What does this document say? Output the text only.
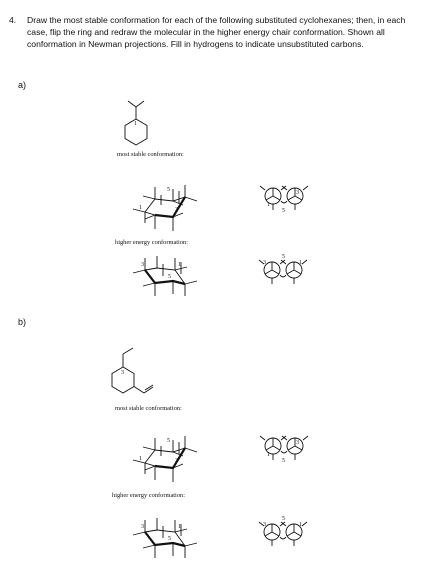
4. Draw the most stable conformation for each of the following substituted cyclohexanes; then, in each case, flip the ring and redraw the molecular in the higher energy chair conformation. Shown all conformation in Newman projections. Fill in hydrogens to indicate unsubstituted carbons.
a)
b)
most stable conformation:
higher energy conformation:
most stable conformation:
higher energy conformation:
1
1
5
3
1
3
5
3
5
1	3
5
1
3
1
5
3
1
3
5
3
5
1	3
5
1
